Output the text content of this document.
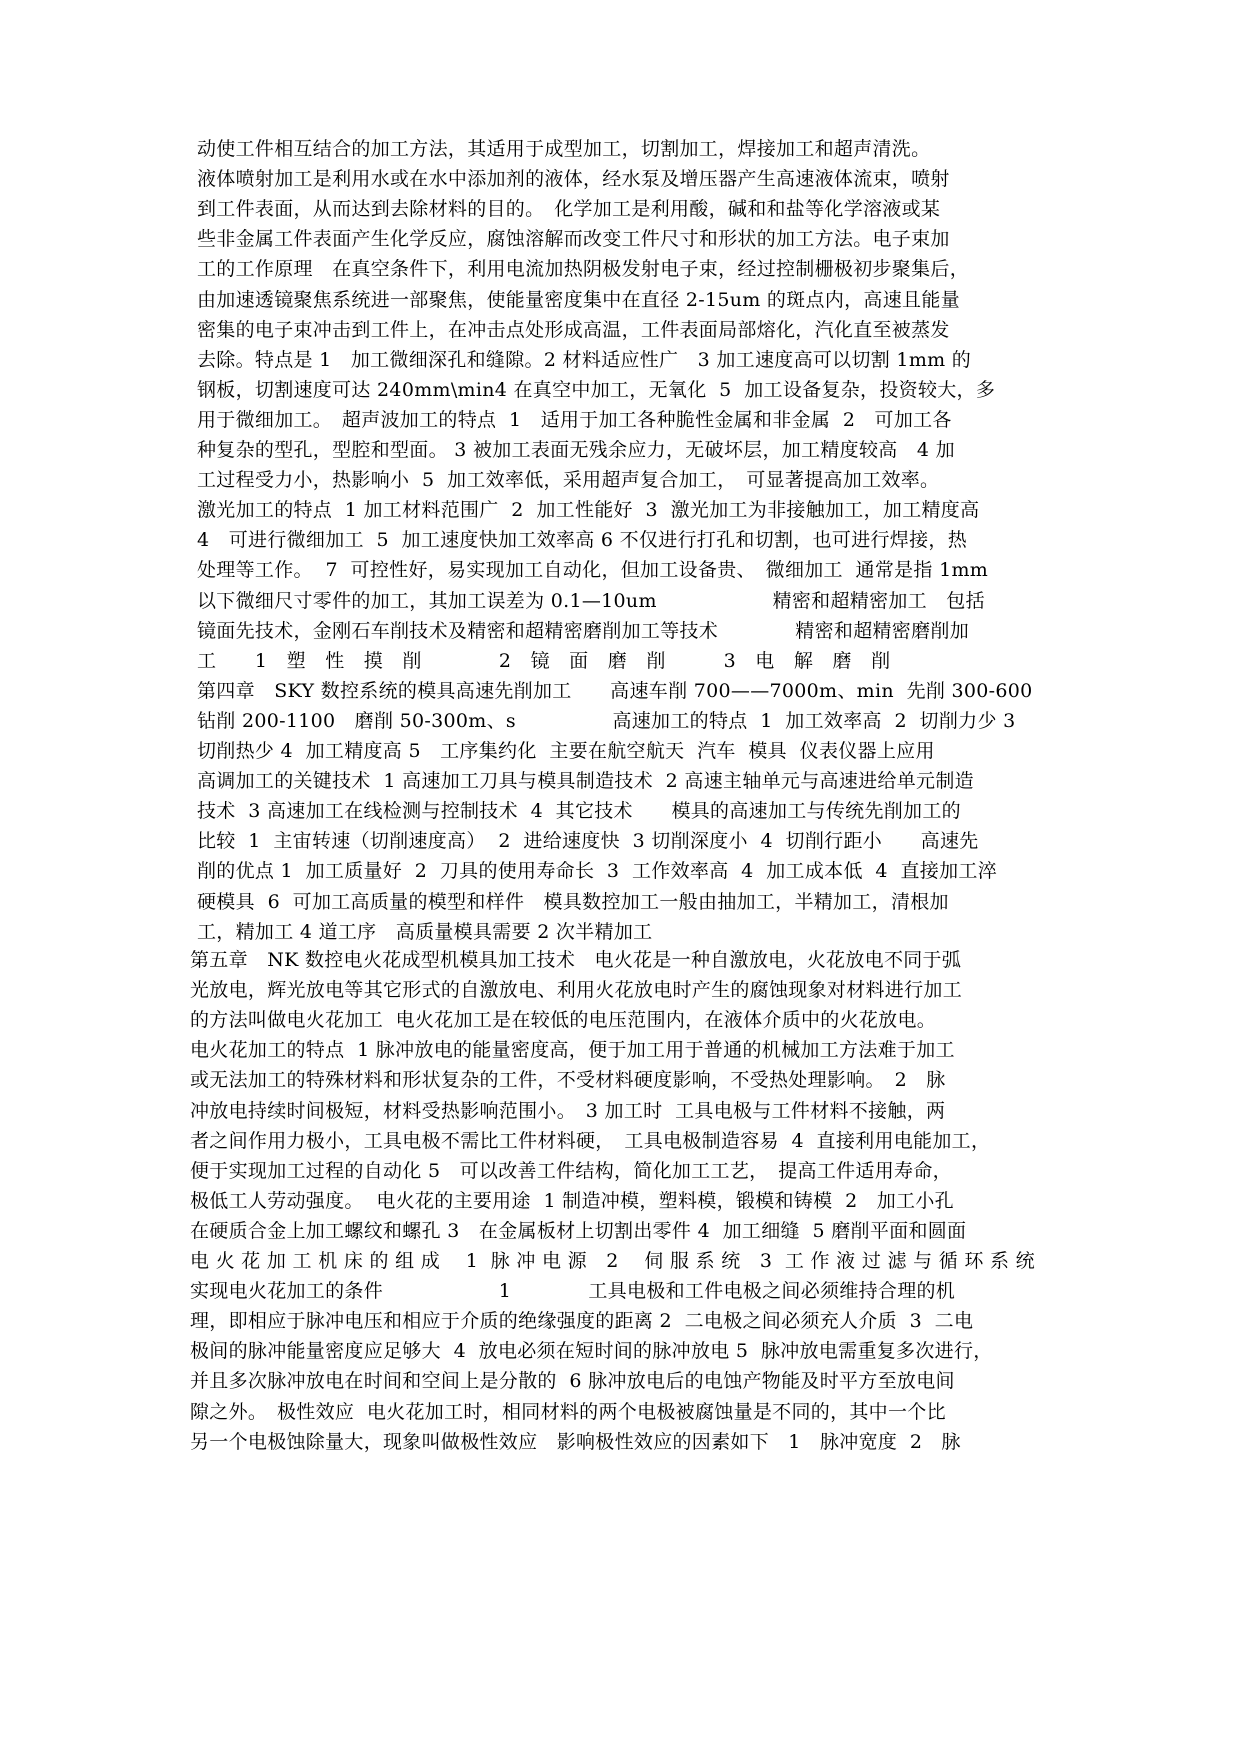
动使工件相互结合的加工方法，其适用于成型加工，切割加工，焊接加工和超声清洗。
液体喷射加工是利用水或在水中添加剂的液体，经水泵及增压器产生高速液体流束，喷射
到工件表面，从而达到去除材料的目的。　化学加工是利用酸，碱和和盐等化学溶液或某
些非金属工件表面产生化学反应，腐蚀溶解而改变工件尺寸和形状的加工方法。电子束加
工的工作原理　在真空条件下，利用电流加热阴极发射电子束，经过控制栅极初步聚集后，
由加速透镜聚焦系统进一部聚焦，使能量密度集中在直径 2-15um 的斑点内，高速且能量
密集的电子束冲击到工件上，在冲击点处形成高温，工件表面局部熔化，汽化直至被蒸发
去除。特点是 1　加工微细深孔和缝隙。2 材料适应性广　3 加工速度高可以切割 1mm 的
钢板，切割速度可达 240mm\min4 在真空中加工，无氧化  5  加工设备复杂，投资较大，多
用于微细加工。　超声波加工的特点  1　适用于加工各种脆性金属和非金属  2　可加工各
种复杂的型孔，型腔和型面。 3 被加工表面无残余应力，无破坏层，加工精度较高　4 加
工过程受力小，热影响小  5  加工效率低，采用超声复合加工，　可显著提高加工效率。
激光加工的特点  1 加工材料范围广  2  加工性能好  3  激光加工为非接触加工，加工精度高
4　可进行微细加工  5  加工速度快加工效率高 6 不仅进行打孔和切割，也可进行焊接，热
处理等工作。  7  可控性好，易实现加工自动化，但加工设备贵、　微细加工  通常是指 1mm
以下微细尺寸零件的加工，其加工误差为 0.1—10um　　　　　　精密和超精密加工　包括
镜面先技术，金刚石车削技术及精密和超精密磨削加工等技术　　　　精密和超精密磨削加
工　　1　塑　性　摸　削　　　　2　镜　面　磨　削　　　3　电　解　磨　削
第四章　SKY 数控系统的模具高速先削加工　　高速车削 700——7000m、min  先削 300-600
钻削 200-1100　磨削 50-300m、s　　　　　高速加工的特点  1  加工效率高  2  切削力少 3
切削热少 4  加工精度高 5　工序集约化  主要在航空航天  汽车  模具  仪表仪器上应用
高调加工的关键技术  1 高速加工刀具与模具制造技术  2 高速主轴单元与高速进给单元制造
技术  3 高速加工在线检测与控制技术  4  其它技术　　模具的高速加工与传统先削加工的
比较  1  主宙转速（切削速度高）  2  进给速度快  3 切削深度小  4  切削行距小　　高速先
削的优点 1  加工质量好  2  刀具的使用寿命长  3  工作效率高  4  加工成本低  4  直接加工淬
硬模具  6  可加工高质量的模型和样件　模具数控加工一般由抽加工，半精加工，清根加
工，精加工 4 道工序　高质量模具需要 2 次半精加工
第五章　NK 数控电火花成型机模具加工技术　电火花是一种自激放电，火花放电不同于弧
光放电，辉光放电等其它形式的自激放电、利用火花放电时产生的腐蚀现象对材料进行加工
的方法叫做电火花加工  电火花加工是在较低的电压范围内，在液体介质中的火花放电。
电火花加工的特点  1 脉冲放电的能量密度高，便于加工用于普通的机械加工方法难于加工
或无法加工的特殊材料和形状复杂的工件，不受材料硬度影响，不受热处理影响。　2　脉
冲放电持续时间极短，材料受热影响范围小。　3 加工时  工具电极与工件材料不接触，两
者之间作用力极小，工具电极不需比工件材料硬，　工具电极制造容易  4  直接利用电能加工，
便于实现加工过程的自动化 5　可以改善工件结构，简化加工工艺，　提高工件适用寿命，
极低工人劳动强度。  电火花的主要用途  1 制造冲模，塑料模，锻模和铸模  2　加工小孔
在硬质合金上加工螺纹和螺孔 3　在金属板材上切割出零件 4  加工细缝  5 磨削平面和圆面
电 火 花 加 工 机 床 的 组 成　 1  脉 冲 电 源　2　 伺 服 系 统　3  工 作 液 过 滤 与 循 环 系 统
实现电火花加工的条件　　　　　　1　　　　工具电极和工件电极之间必须维持合理的机
理，即相应于脉冲电压和相应于介质的绝缘强度的距离 2  二电极之间必须充人介质  3  二电
极间的脉冲能量密度应足够大  4  放电必须在短时间的脉冲放电 5  脉冲放电需重复多次进行，
并且多次脉冲放电在时间和空间上是分散的  6 脉冲放电后的电蚀产物能及时平方至放电间
隙之外。　极性效应  电火花加工时，相同材料的两个电极被腐蚀量是不同的，其中一个比
另一个电极蚀除量大，现象叫做极性效应　影响极性效应的因素如下　1　脉冲宽度  2　脉
